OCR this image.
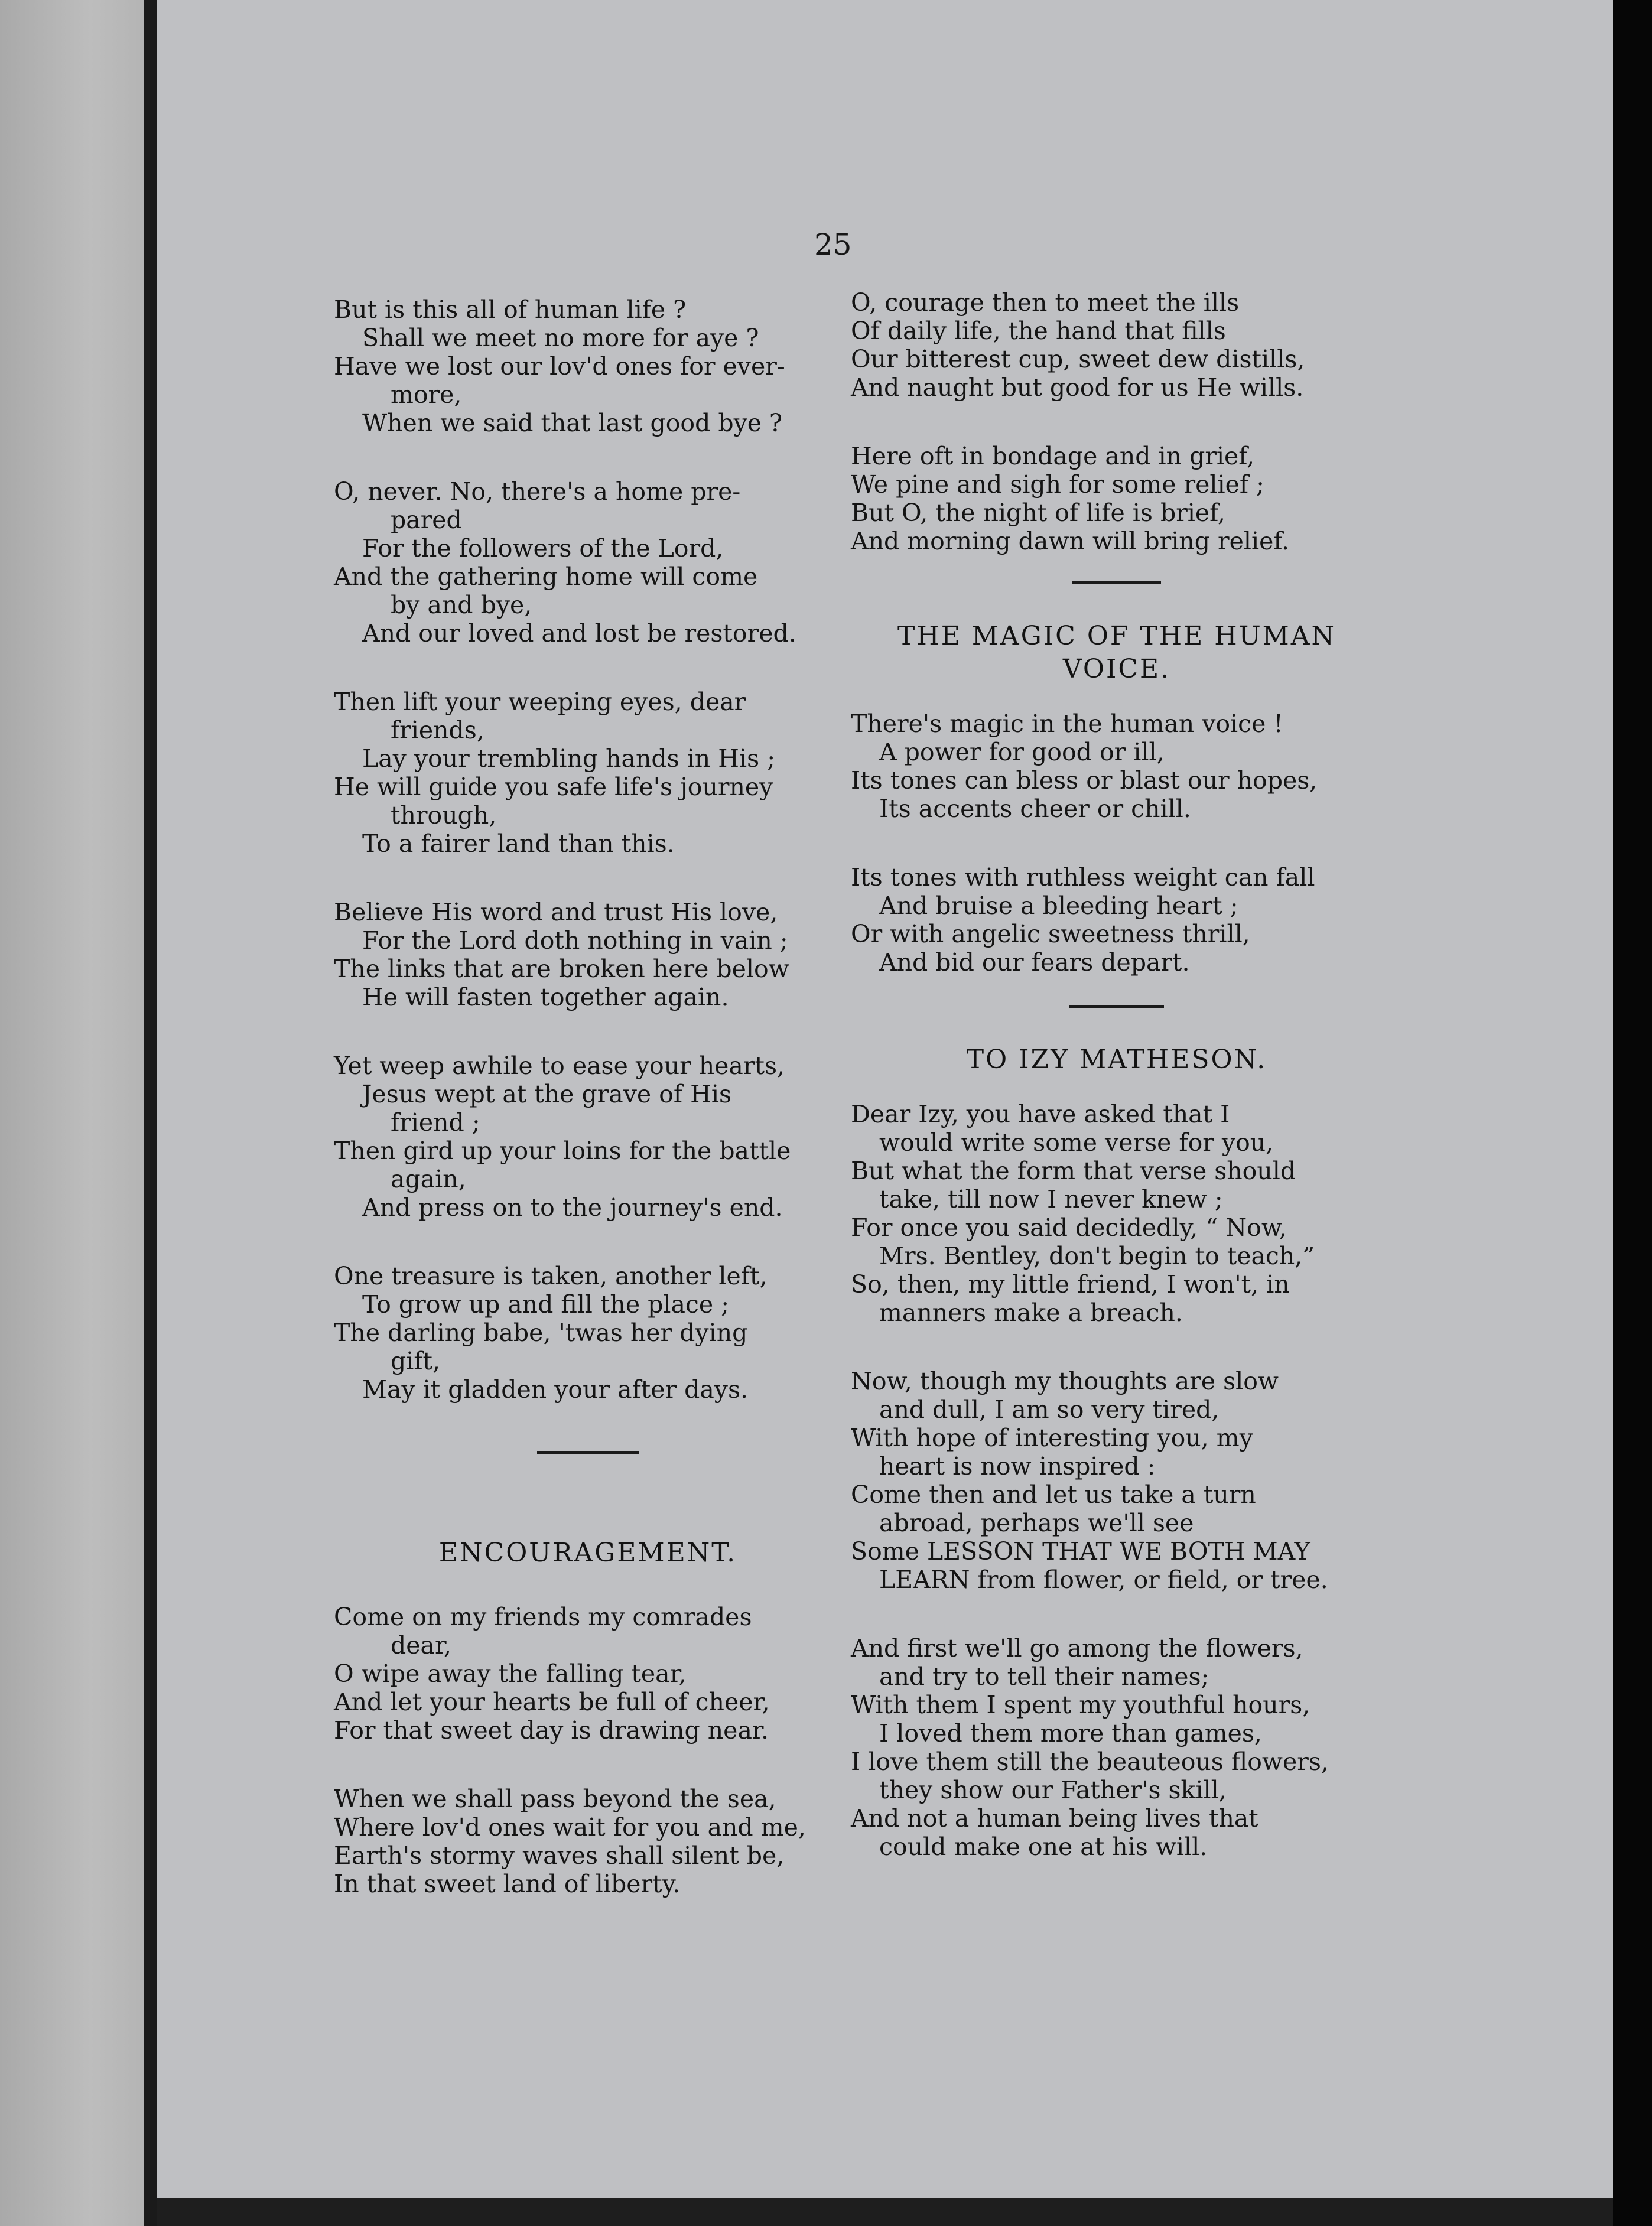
25
But is this all of human life ?
Shall we meet no more for aye ?
Have we lost our lov'd ones for ever-
more,
When we said that last good bye ?
O, never. No, there's a home pre-
pared
For the followers of the Lord,
And the gathering home will come
by and bye,
And our loved and lost be restored.
Then lift your weeping eyes, dear
friends,
Lay your trembling hands in His ;
He will guide you safe life's journey
through,
To a fairer land than this.
Believe His word and trust His love,
For the Lord doth nothing in vain ;
The links that are broken here below
He will fasten together again.
Yet weep awhile to ease your hearts,
Jesus wept at the grave of His
friend ;
Then gird up your loins for the battle
again,
And press on to the journey's end.
One treasure is taken, another left,
To grow up and fill the place ;
The darling babe, 'twas her dying
gift,
May it gladden your after days.
ENCOURAGEMENT.
Come on my friends my comrades
dear,
O wipe away the falling tear,
And let your hearts be full of cheer,
For that sweet day is drawing near.
When we shall pass beyond the sea,
Where lov'd ones wait for you and me,
Earth's stormy waves shall silent be,
In that sweet land of liberty.
O, courage then to meet the ills
Of daily life, the hand that fills
Our bitterest cup, sweet dew distills,
And naught but good for us He wills.
Here oft in bondage and in grief,
We pine and sigh for some relief ;
But O, the night of life is brief,
And morning dawn will bring relief.
THE MAGIC OF THE HUMAN
VOICE.
There's magic in the human voice !
A power for good or ill,
Its tones can bless or blast our hopes,
Its accents cheer or chill.
Its tones with ruthless weight can fall
And bruise a bleeding heart ;
Or with angelic sweetness thrill,
And bid our fears depart.
TO IZY MATHESON.
Dear Izy, you have asked that I
would write some verse for you,
But what the form that verse should
take, till now I never knew ;
For once you said decidedly, “ Now,
Mrs. Bentley, don't begin to teach,”
So, then, my little friend, I won't, in
manners make a breach.
Now, though my thoughts are slow
and dull, I am so very tired,
With hope of interesting you, my
heart is now inspired :
Come then and let us take a turn
abroad, perhaps we'll see
Some LESSON THAT WE BOTH MAY
LEARN from flower, or field, or tree.
And first we'll go among the flowers,
and try to tell their names;
With them I spent my youthful hours,
I loved them more than games,
I love them still the beauteous flowers,
they show our Father's skill,
And not a human being lives that
could make one at his will.
